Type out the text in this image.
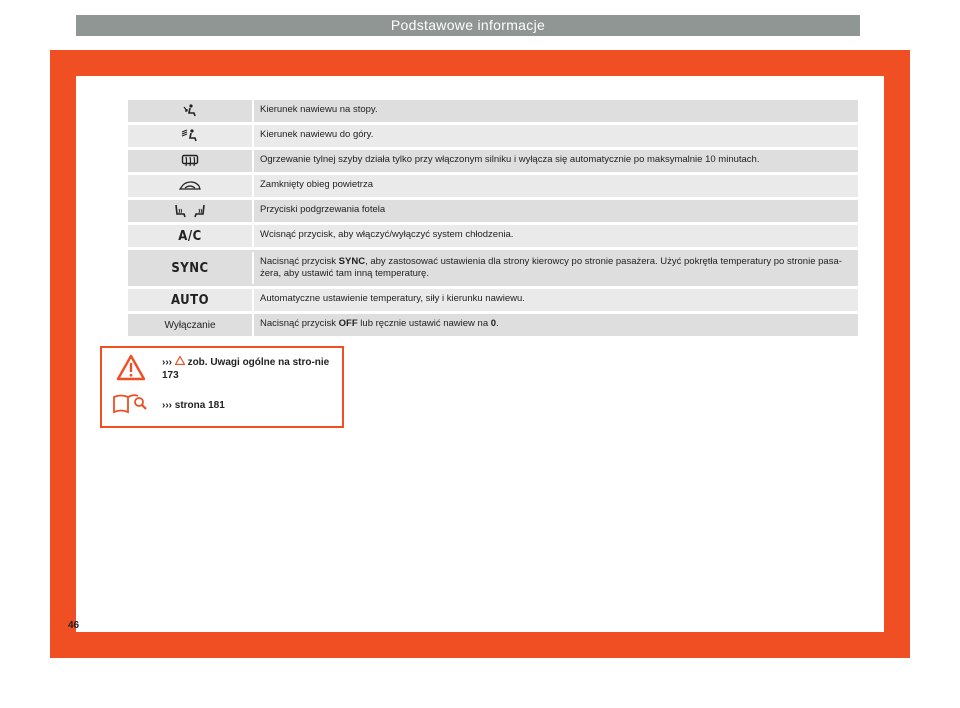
Podstawowe informacje
Kierunek nawiewu na stopy.
Kierunek nawiewu do góry.
Ogrzewanie tylnej szyby działa tylko przy włączonym silniku i wyłącza się automatycznie po maksymalnie 10 minutach.
Zamknięty obieg powietrza
Przyciski podgrzewania fotela
A/C	Wcisnąć przycisk, aby włączyć/wyłączyć system chłodzenia.
SYNC	Nacisnąć przycisk SYNC, aby zastosować ustawienia dla strony kierowcy po stronie pasażera. Użyć pokrętła temperatury po stronie pasa-żera, aby ustawić tam inną temperaturę.
AUTO	Automatyczne ustawienie temperatury, siły i kierunku nawiewu.
Wyłączanie	Nacisnąć przycisk OFF lub ręcznie ustawić nawiew na 0.
››› zob. Uwagi ogólne na stro-nie 173
››› strona 181
46
